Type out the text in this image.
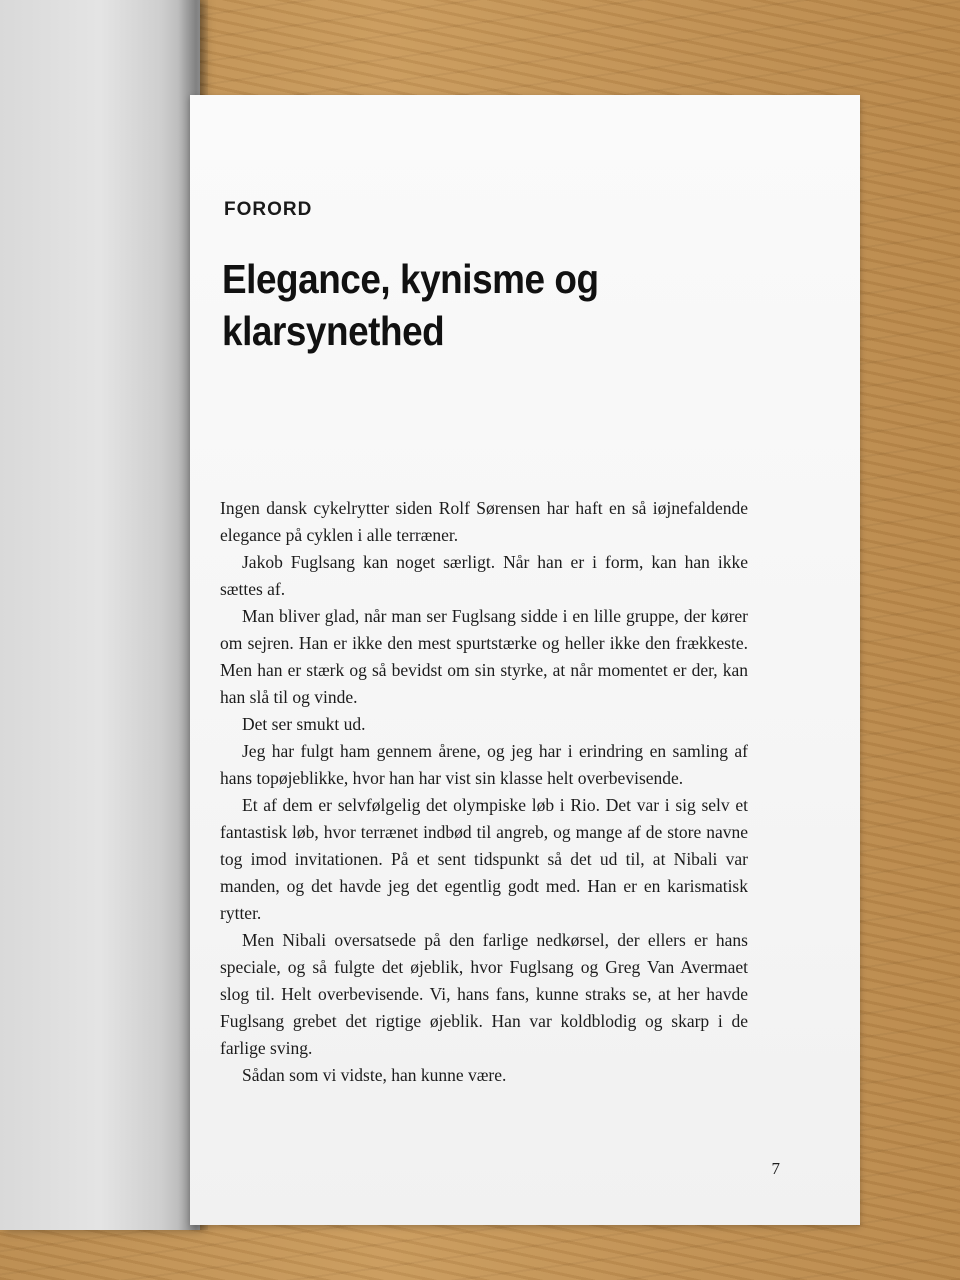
FORORD
Elegance, kynisme og klarsynethed

Ingen dansk cykelrytter siden Rolf Sørensen har haft en så iøjnefaldende elegance på cyklen i alle terræner.

Jakob Fuglsang kan noget særligt. Når han er i form, kan han ikke sættes af.

Man bliver glad, når man ser Fuglsang sidde i en lille gruppe, der kører om sejren. Han er ikke den mest spurtstærke og heller ikke den frækkeste. Men han er stærk og så bevidst om sin styrke, at når momentet er der, kan han slå til og vinde.

Det ser smukt ud.

Jeg har fulgt ham gennem årene, og jeg har i erindring en samling af hans topøjeblikke, hvor han har vist sin klasse helt overbevisende.

Et af dem er selvfølgelig det olympiske løb i Rio. Det var i sig selv et fantastisk løb, hvor terrænet indbød til angreb, og mange af de store navne tog imod invitationen. På et sent tidspunkt så det ud til, at Nibali var manden, og det havde jeg det egentlig godt med. Han er en karismatisk rytter.

Men Nibali oversatsede på den farlige nedkørsel, der ellers er hans speciale, og så fulgte det øjeblik, hvor Fuglsang og Greg Van Avermaet slog til. Helt overbevisende. Vi, hans fans, kunne straks se, at her havde Fuglsang grebet det rigtige øjeblik. Han var koldblodig og skarp i de farlige sving.

Sådan som vi vidste, han kunne være.

7
